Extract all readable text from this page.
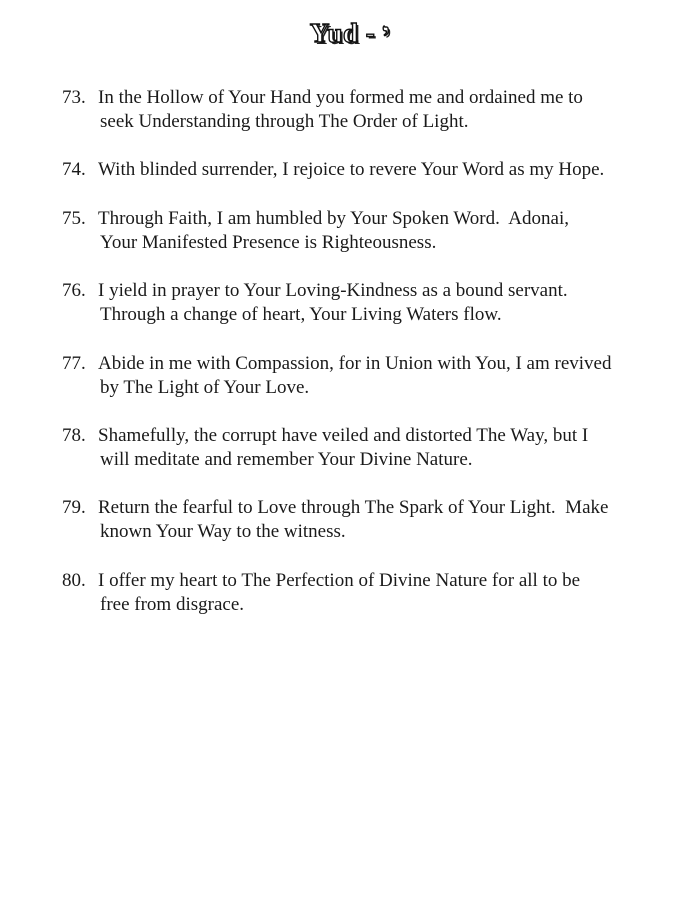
Yud - י
73. In the Hollow of Your Hand you formed me and ordained me to
seek Understanding through The Order of Light.
74. With blinded surrender, I rejoice to revere Your Word as my Hope.
75. Through Faith, I am humbled by Your Spoken Word.  Adonai,
Your Manifested Presence is Righteousness.
76. I yield in prayer to Your Loving-Kindness as a bound servant.
Through a change of heart, Your Living Waters flow.
77. Abide in me with Compassion, for in Union with You, I am revived
by The Light of Your Love.
78. Shamefully, the corrupt have veiled and distorted The Way, but I
will meditate and remember Your Divine Nature.
79. Return the fearful to Love through The Spark of Your Light.  Make
known Your Way to the witness.
80. I offer my heart to The Perfection of Divine Nature for all to be
free from disgrace.
